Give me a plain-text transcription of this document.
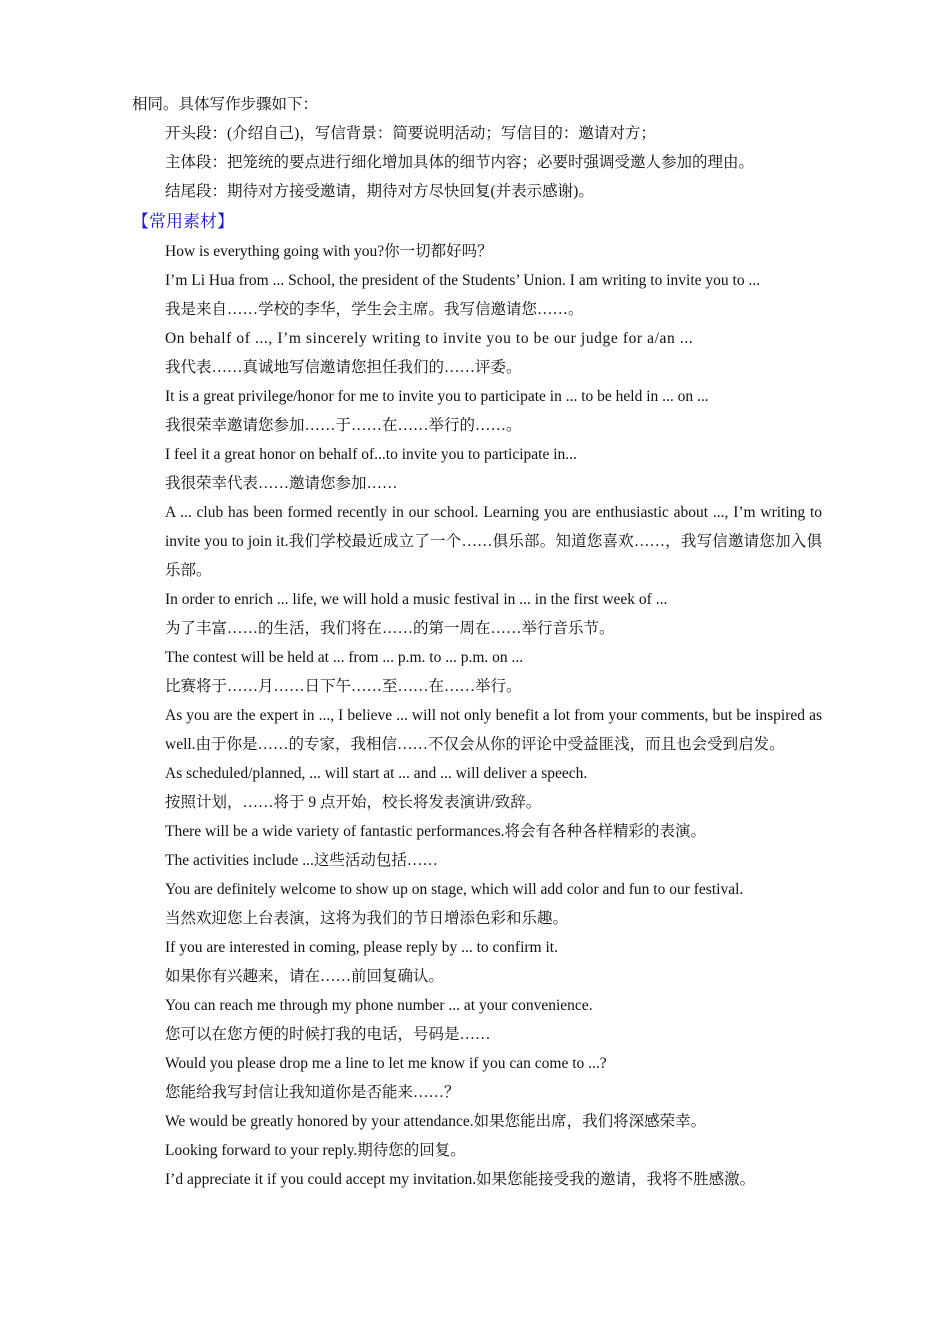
相同。具体写作步骤如下：
开头段：(介绍自己)，写信背景：简要说明活动；写信目的：邀请对方；
主体段：把笼统的要点进行细化增加具体的细节内容；必要时强调受邀人参加的理由。
结尾段：期待对方接受邀请，期待对方尽快回复(并表示感谢)。
【常用素材】
How is everything going with you?你一切都好吗？
I’m Li Hua from ... School, the president of the Students’ Union. I am writing to invite you to ...
我是来自……学校的李华，学生会主席。我写信邀请您……。
On behalf of ..., I’m sincerely writing to invite you to be our judge for a/an ...
我代表……真诚地写信邀请您担任我们的……评委。
It is a great privilege/honor for me to invite you to participate in ... to be held in ... on ...
我很荣幸邀请您参加……于……在……举行的……。
I feel it a great honor on behalf of...to invite you to participate in...
我很荣幸代表……邀请您参加……
A ... club has been formed recently in our school. Learning you are enthusiastic about ..., I’m writing to invite you to join it.我们学校最近成立了一个……俱乐部。知道您喜欢……，我写信邀请您加入俱乐部。
In order to enrich ... life, we will hold a music festival in ... in the first week of ...
为了丰富……的生活，我们将在……的第一周在……举行音乐节。
The contest will be held at ... from ... p.m. to ... p.m. on ...
比赛将于……月……日下午……至……在……举行。
As you are the expert in ..., I believe ... will not only benefit a lot from your comments, but be inspired as well.由于你是……的专家，我相信……不仅会从你的评论中受益匪浅，而且也会受到启发。
As scheduled/planned, ... will start at ... and ... will deliver a speech.
按照计划，……将于 9 点开始，校长将发表演讲/致辞。
There will be a wide variety of fantastic performances.将会有各种各样精彩的表演。
The activities include ...这些活动包括……
You are definitely welcome to show up on stage, which will add color and fun to our festival.
当然欢迎您上台表演，这将为我们的节日增添色彩和乐趣。
If you are interested in coming, please reply by ... to confirm it.
如果你有兴趣来，请在……前回复确认。
You can reach me through my phone number ... at your convenience.
您可以在您方便的时候打我的电话，号码是……
Would you please drop me a line to let me know if you can come to ...?
您能给我写封信让我知道你是否能来……？
We would be greatly honored by your attendance.如果您能出席，我们将深感荣幸。
Looking forward to your reply.期待您的回复。
I’d appreciate it if you could accept my invitation.如果您能接受我的邀请，我将不胜感激。
